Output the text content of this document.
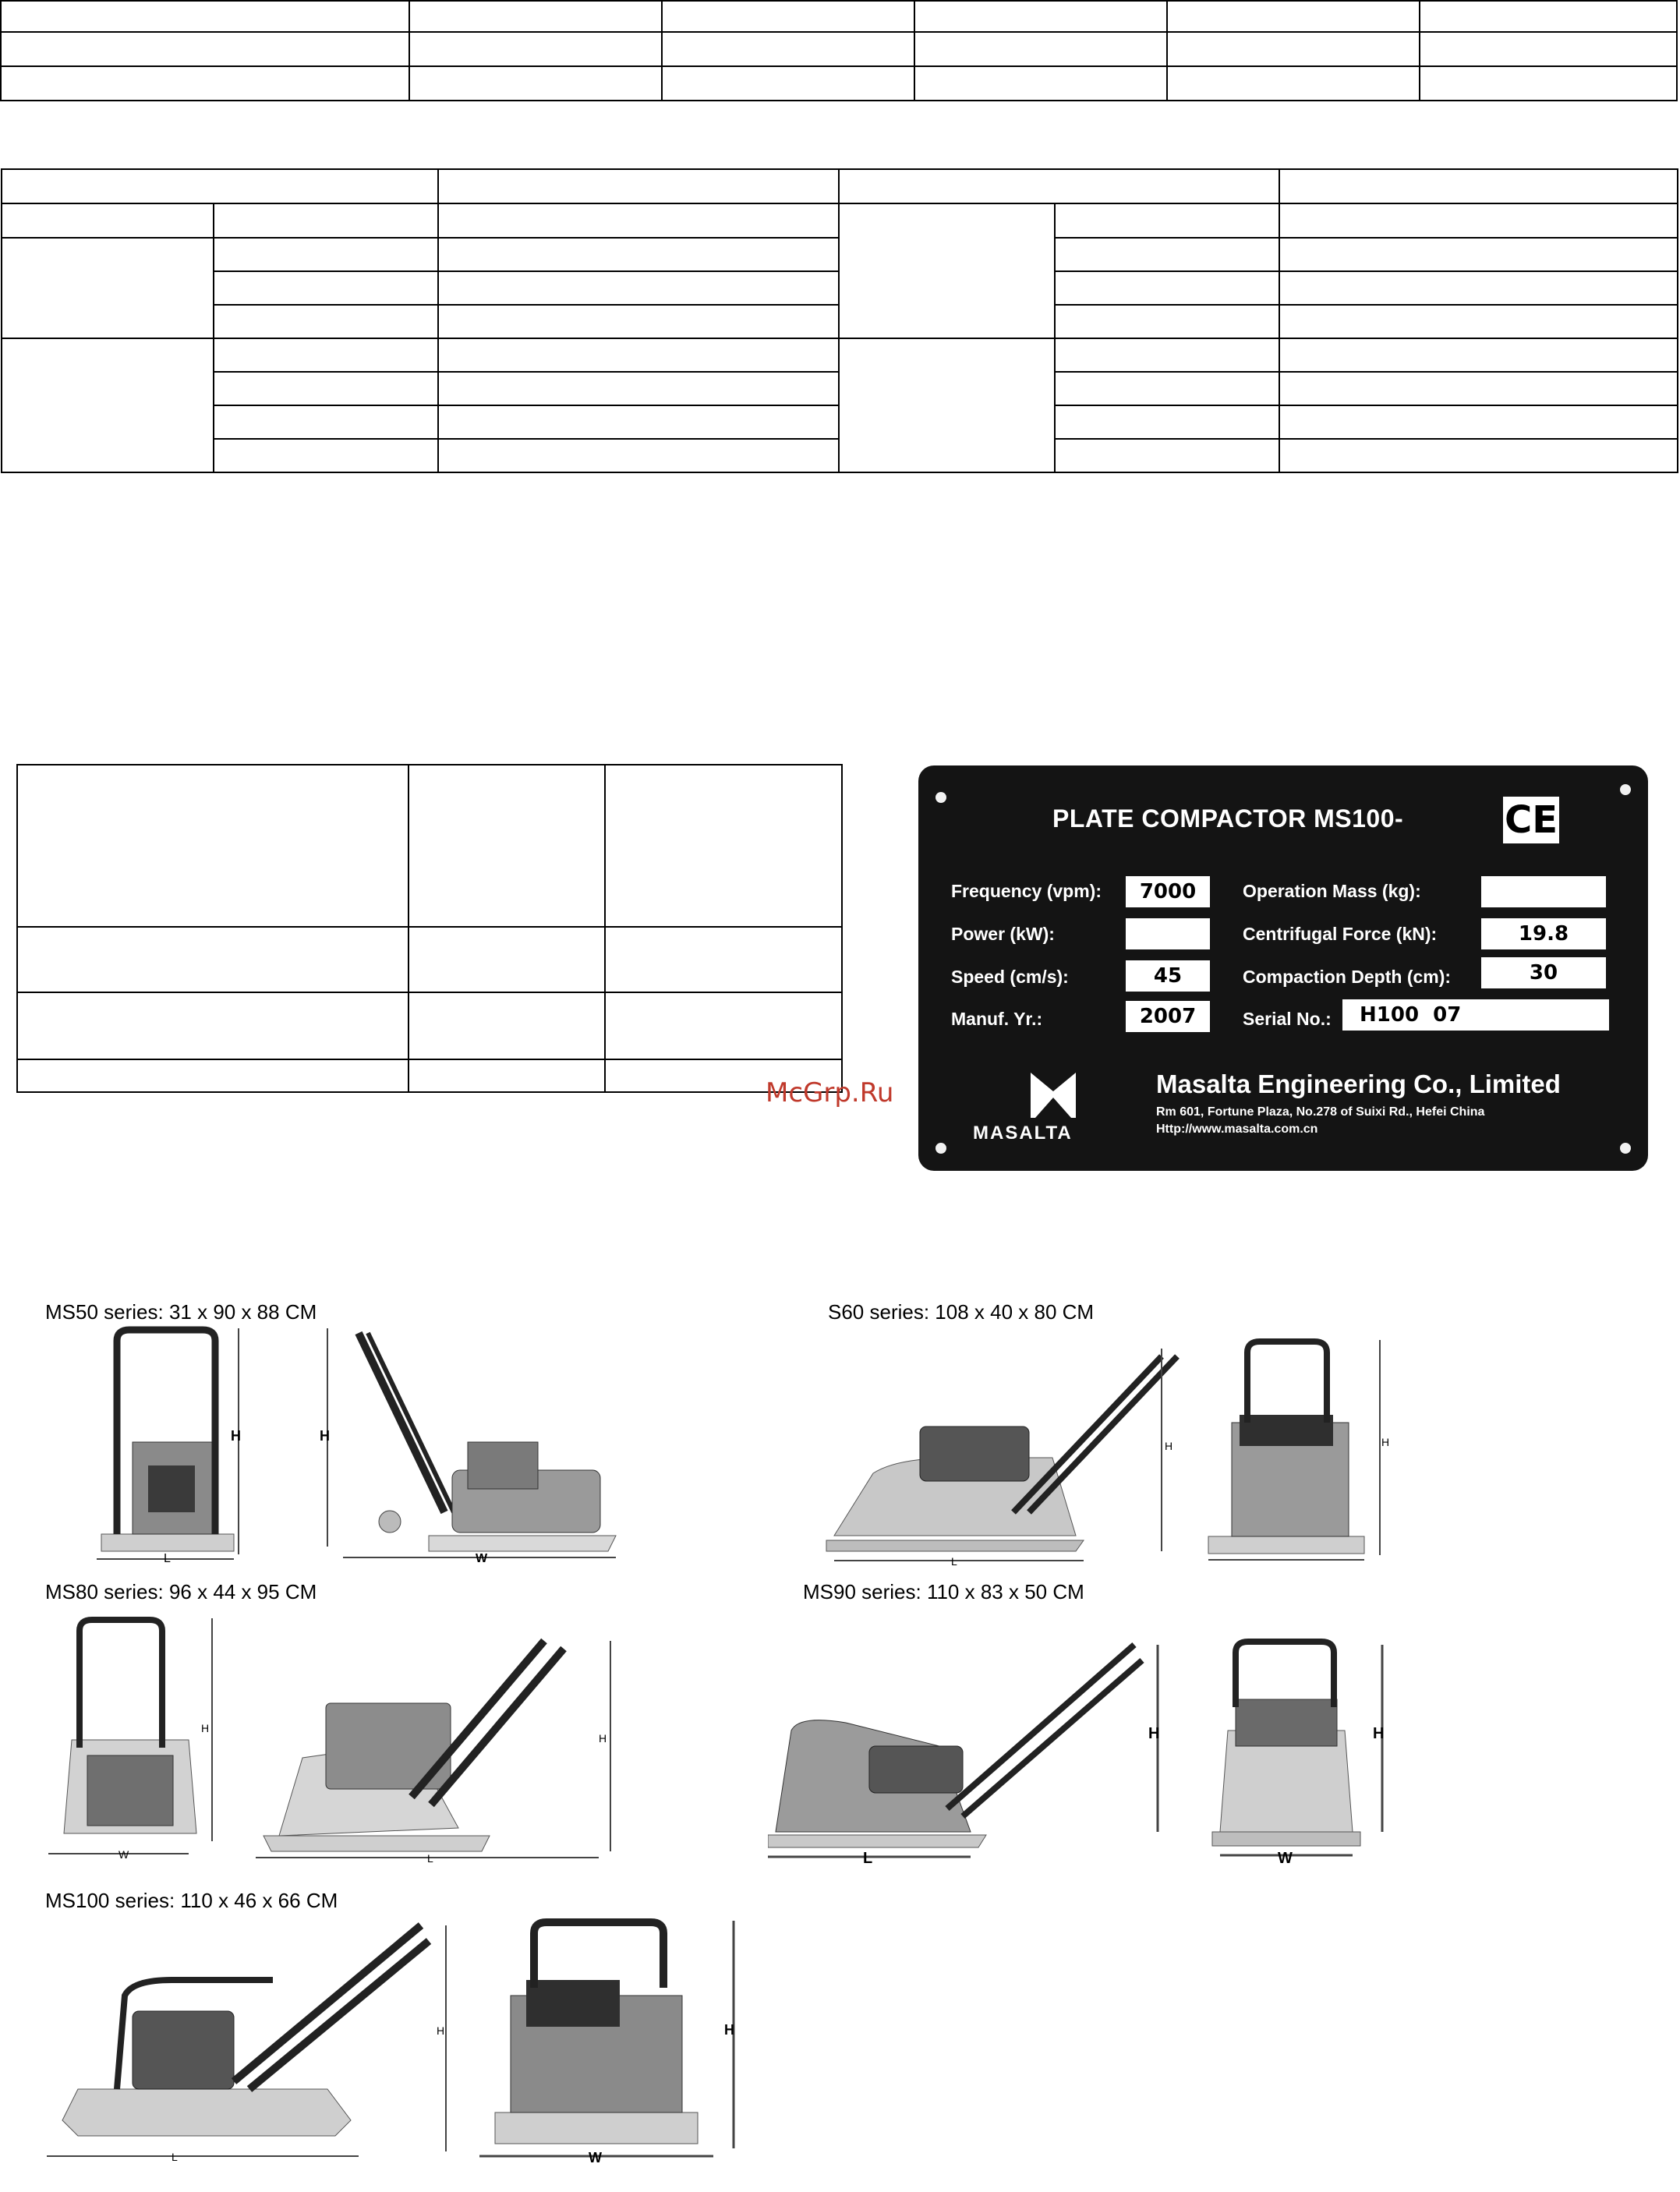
PLATE COMPACTOR MS100-	CE
Frequency (vpm):	7000
Power (kW):
Speed (cm/s):	45
Manuf. Yr.:	2007
Operation Mass (kg):
Centrifugal Force (kN):	19.8
Compaction Depth (cm):	30
Serial No.:	H100  07
MASALTA
Masalta Engineering Co., Limited
Rm 601, Fortune Plaza, No.278 of Suixi Rd., Hefei China
Http://www.masalta.com.cn
McGrp.Ru
MS50 series: 31 x 90 x 88 CM	S60 series: 108 x 40 x 80 CM
MS80 series: 96 x 44 x 95 CM	MS90 series: 110 x 83 x 50 CM
MS100 series: 110 x 46 x 66 CM
H
L
H
W
H
L
H
H
W
H
L
H
L
H
W
H
L
H
W
